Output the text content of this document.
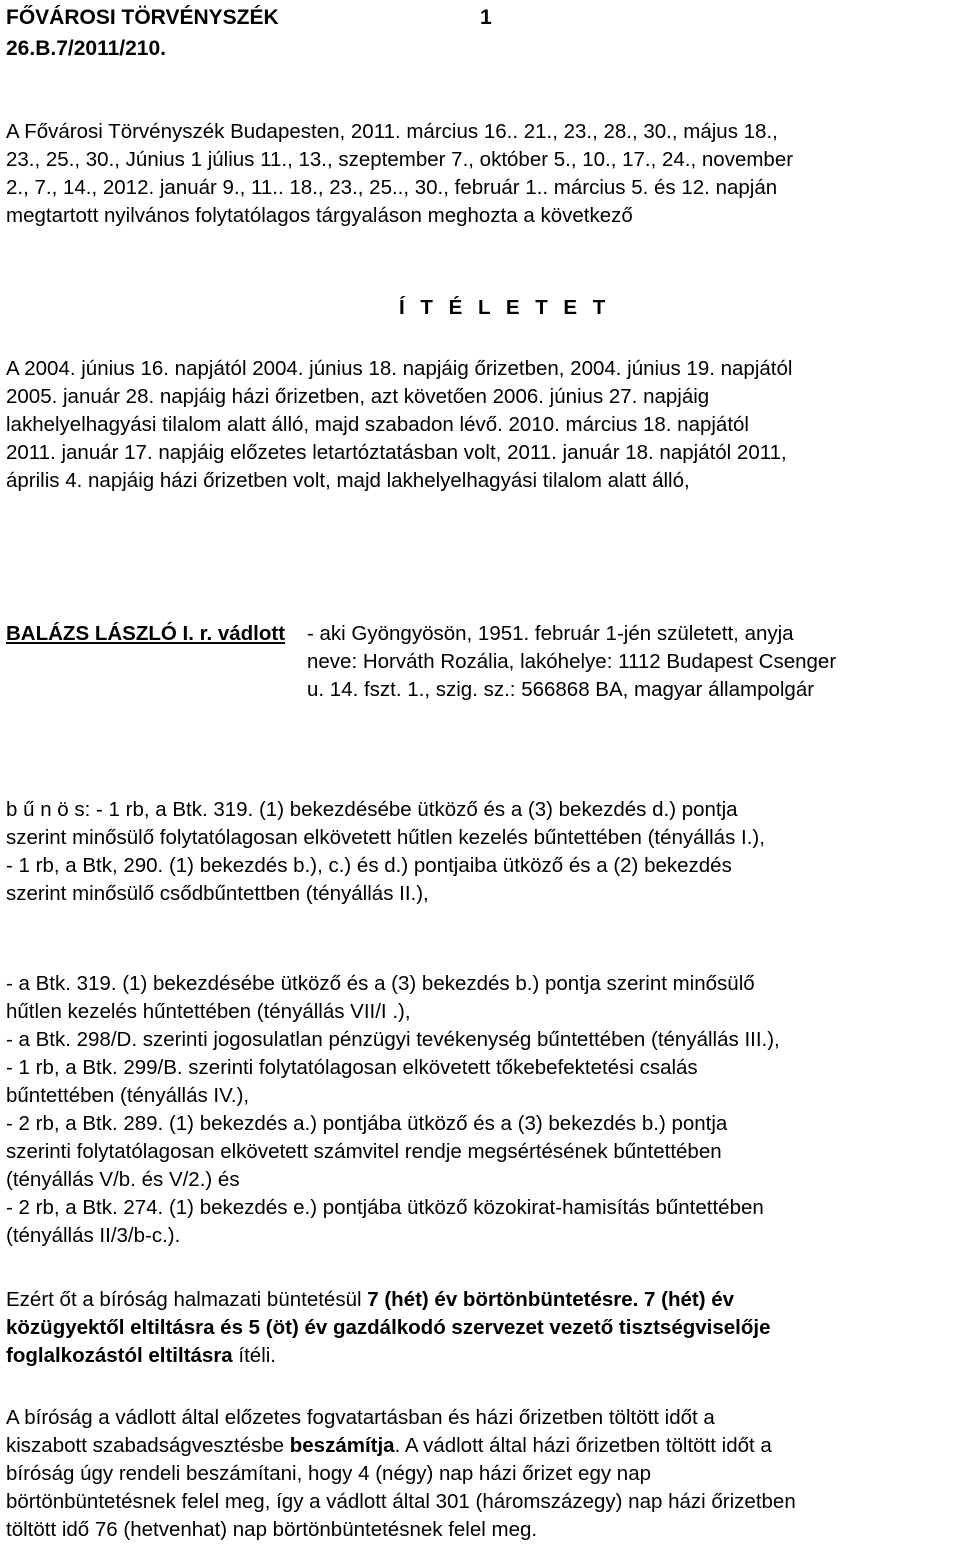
FŐVÁROSI TÖRVÉNYSZÉK	1
26.B.7/2011/210.
A Fővárosi Törvényszék Budapesten, 2011. március 16.. 21., 23., 28., 30., május 18.,
23., 25., 30., Június 1 július 11., 13., szeptember 7., október 5., 10., 17., 24., november
2., 7., 14., 2012. január 9., 11.. 18., 23., 25.., 30., február 1.. március 5. és 12. napján
megtartott nyilvános folytatólagos tárgyaláson meghozta a következő
Í T É L E T E T
A 2004. június 16. napjától 2004. június 18. napjáig őrizetben, 2004. június 19. napjától
2005. január 28. napjáig házi őrizetben, azt követően 2006. június 27. napjáig
lakhelyelhagyási tilalom alatt álló, majd szabadon lévő. 2010. március 18. napjától
2011. január 17. napjáig előzetes letartóztatásban volt, 2011. január 18. napjától 2011,
április 4. napjáig házi őrizetben volt, majd lakhelyelhagyási tilalom alatt álló,
BALÁZS LÁSZLÓ I. r. vádlott - aki Gyöngyösön, 1951. február 1-jén született, anyja
neve: Horváth Rozália, lakóhelye: 1112 Budapest Csenger
u. 14. fszt. 1., szig. sz.: 566868 BA, magyar állampolgár
b ű n ö s: - 1 rb, a Btk. 319. (1) bekezdésébe ütköző és a (3) bekezdés d.) pontja
szerint minősülő folytatólagosan elkövetett hűtlen kezelés bűntettében (tényállás I.),
- 1 rb, a Btk, 290. (1) bekezdés b.), c.) és d.) pontjaiba ütköző és a (2) bekezdés
szerint minősülő csődbűntettben (tényállás II.),
- a Btk. 319. (1) bekezdésébe ütköző és a (3) bekezdés b.) pontja szerint minősülő
hűtlen kezelés hűntettében (tényállás VII/I .),
- a Btk. 298/D. szerinti jogosulatlan pénzügyi tevékenység bűntettében (tényállás III.),
- 1 rb, a Btk. 299/B. szerinti folytatólagosan elkövetett tőkebefektetési csalás
bűntettében (tényállás IV.),
- 2 rb, a Btk. 289. (1) bekezdés a.) pontjába ütköző és a (3) bekezdés b.) pontja
szerinti folytatólagosan elkövetett számvitel rendje megsértésének bűntettében
(tényállás V/b. és V/2.) és
- 2 rb, a Btk. 274. (1) bekezdés e.) pontjába ütköző közokirat-hamisítás bűntettében
(tényállás II/3/b-c.).
Ezért őt a bíróság halmazati büntetésül 7 (hét) év börtönbüntetésre. 7 (hét) év
közügyektől eltiltásra és 5 (öt) év gazdálkodó szervezet vezető tisztségviselője
foglalkozástól eltiltásra ítéli.
A bíróság a vádlott által előzetes fogvatartásban és házi őrizetben töltött időt a
kiszabott szabadságvesztésbe beszámítja. A vádlott által házi őrizetben töltött időt a
bíróság úgy rendeli beszámítani, hogy 4 (négy) nap házi őrizet egy nap
börtönbüntetésnek felel meg, így a vádlott által 301 (háromszázegy) nap házi őrizetben
töltött idő 76 (hetvenhat) nap börtönbüntetésnek felel meg.
